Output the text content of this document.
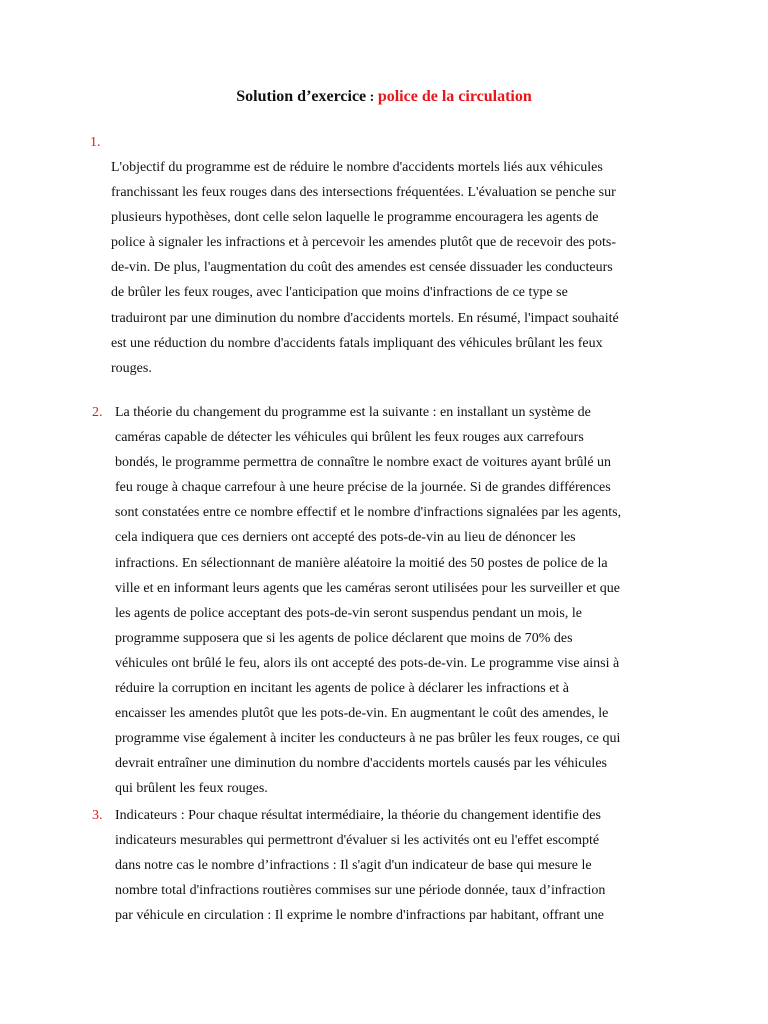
Solution d’exercice : police de la circulation
1.
L'objectif du programme est de réduire le nombre d'accidents mortels liés aux véhicules
franchissant les feux rouges dans des intersections fréquentées. L'évaluation se penche sur
plusieurs hypothèses, dont celle selon laquelle le programme encouragera les agents de
police à signaler les infractions et à percevoir les amendes plutôt que de recevoir des pots-
de-vin. De plus, l'augmentation du coût des amendes est censée dissuader les conducteurs
de brûler les feux rouges, avec l'anticipation que moins d'infractions de ce type se
traduiront par une diminution du nombre d'accidents mortels. En résumé, l'impact souhaité
est une réduction du nombre d'accidents fatals impliquant des véhicules brûlant les feux
rouges.
2. La théorie du changement du programme est la suivante : en installant un système de
caméras capable de détecter les véhicules qui brûlent les feux rouges aux carrefours
bondés, le programme permettra de connaître le nombre exact de voitures ayant brûlé un
feu rouge à chaque carrefour à une heure précise de la journée. Si de grandes différences
sont constatées entre ce nombre effectif et le nombre d'infractions signalées par les agents,
cela indiquera que ces derniers ont accepté des pots-de-vin au lieu de dénoncer les
infractions. En sélectionnant de manière aléatoire la moitié des 50 postes de police de la
ville et en informant leurs agents que les caméras seront utilisées pour les surveiller et que
les agents de police acceptant des pots-de-vin seront suspendus pendant un mois, le
programme supposera que si les agents de police déclarent que moins de 70% des
véhicules ont brûlé le feu, alors ils ont accepté des pots-de-vin. Le programme vise ainsi à
réduire la corruption en incitant les agents de police à déclarer les infractions et à
encaisser les amendes plutôt que les pots-de-vin. En augmentant le coût des amendes, le
programme vise également à inciter les conducteurs à ne pas brûler les feux rouges, ce qui
devrait entraîner une diminution du nombre d'accidents mortels causés par les véhicules
qui brûlent les feux rouges.
3. Indicateurs : Pour chaque résultat intermédiaire, la théorie du changement identifie des
indicateurs mesurables qui permettront d'évaluer si les activités ont eu l'effet escompté
dans notre cas le nombre d’infractions : Il s'agit d'un indicateur de base qui mesure le
nombre total d'infractions routières commises sur une période donnée, taux d’infraction
par véhicule en circulation : Il exprime le nombre d'infractions par habitant, offrant une
